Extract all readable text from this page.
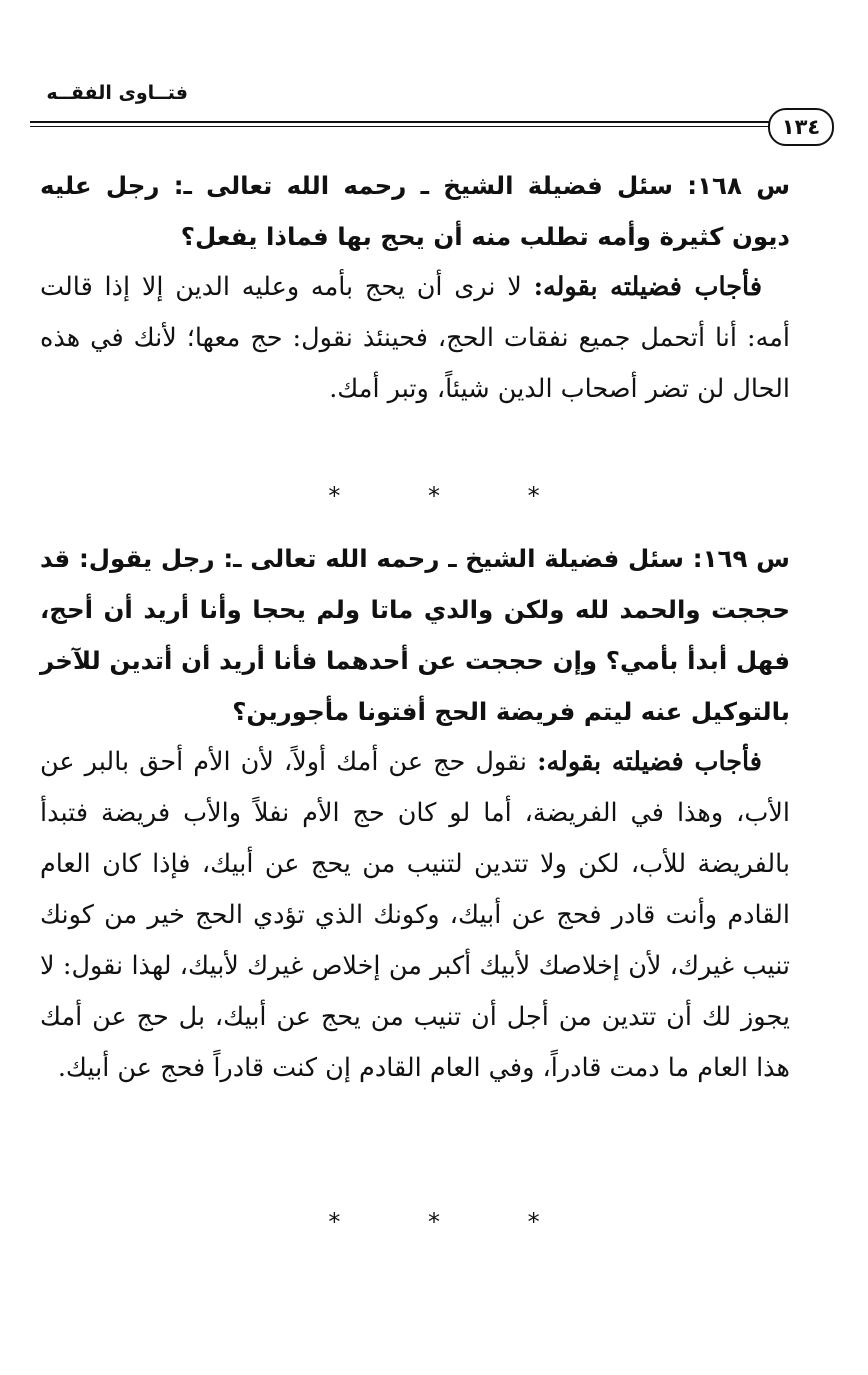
فتــاوى الفقــه
١٣٤
س ١٦٨: سئل فضيلة الشيخ ـ رحمه الله تعالى ـ: رجل عليه ديون كثيرة وأمه تطلب منه أن يحج بها فماذا يفعل؟
فأجاب فضيلته بقوله: لا نرى أن يحج بأمه وعليه الدين إلا إذا قالت أمه: أنا أتحمل جميع نفقات الحج، فحينئذ نقول: حج معها؛ لأنك في هذه الحال لن تضر أصحاب الدين شيئاً، وتبر أمك.
* * *
س ١٦٩: سئل فضيلة الشيخ ـ رحمه الله تعالى ـ: رجل يقول: قد حججت والحمد لله ولكن والدي ماتا ولم يحجا وأنا أريد أن أحج، فهل أبدأ بأمي؟ وإن حججت عن أحدهما فأنا أريد أن أتدين للآخر بالتوكيل عنه ليتم فريضة الحج أفتونا مأجورين؟
فأجاب فضيلته بقوله: نقول حج عن أمك أولاً، لأن الأم أحق بالبر عن الأب، وهذا في الفريضة، أما لو كان حج الأم نفلاً والأب فريضة فتبدأ بالفريضة للأب، لكن ولا تتدين لتنيب من يحج عن أبيك، فإذا كان العام القادم وأنت قادر فحج عن أبيك، وكونك الذي تؤدي الحج خير من كونك تنيب غيرك، لأن إخلاصك لأبيك أكبر من إخلاص غيرك لأبيك، لهذا نقول: لا يجوز لك أن تتدين من أجل أن تنيب من يحج عن أبيك، بل حج عن أمك هذا العام ما دمت قادراً، وفي العام القادم إن كنت قادراً فحج عن أبيك.
* * *
